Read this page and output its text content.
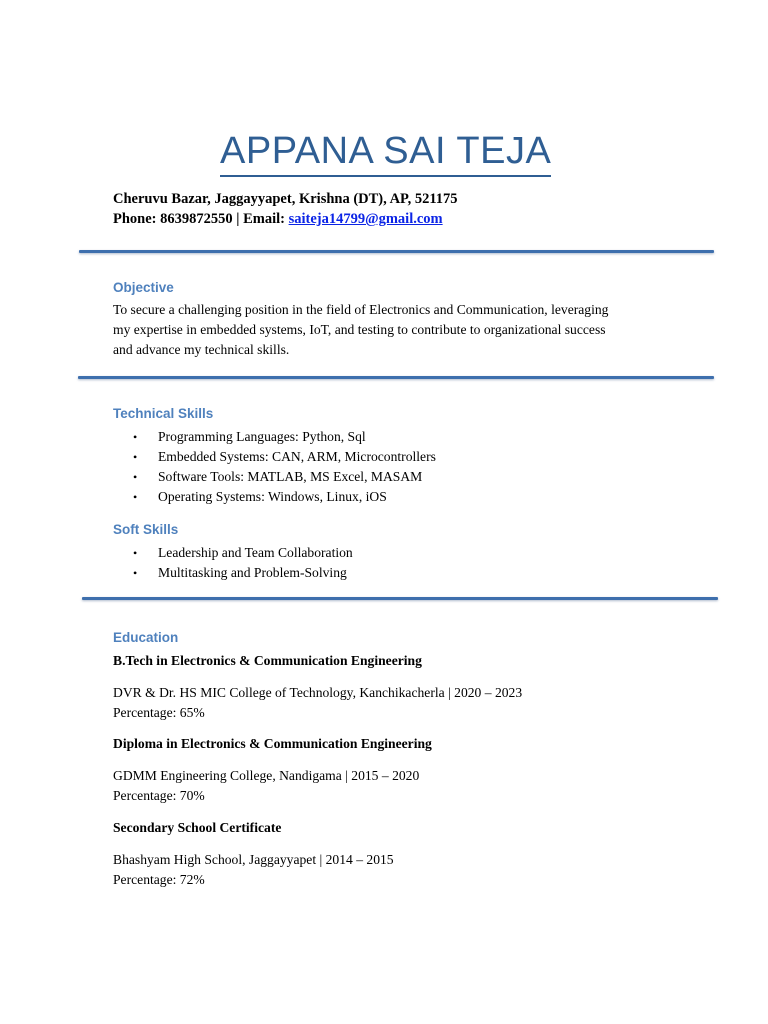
APPANA SAI TEJA
Cheruvu Bazar, Jaggayyapet, Krishna (DT), AP, 521175
Phone: 8639872550 | Email: saiteja14799@gmail.com
Objective
To secure a challenging position in the field of Electronics and Communication, leveraging
my expertise in embedded systems, IoT, and testing to contribute to organizational success
and advance my technical skills.
Technical Skills
• Programming Languages: Python, Sql
• Embedded Systems: CAN, ARM, Microcontrollers
• Software Tools: MATLAB, MS Excel, MASAM
• Operating Systems: Windows, Linux, iOS
Soft Skills
• Leadership and Team Collaboration
• Multitasking and Problem-Solving
Education
B.Tech in Electronics & Communication Engineering
DVR & Dr. HS MIC College of Technology, Kanchikacherla | 2020 – 2023
Percentage: 65%
Diploma in Electronics & Communication Engineering
GDMM Engineering College, Nandigama | 2015 – 2020
Percentage: 70%
Secondary School Certificate
Bhashyam High School, Jaggayyapet | 2014 – 2015
Percentage: 72%
